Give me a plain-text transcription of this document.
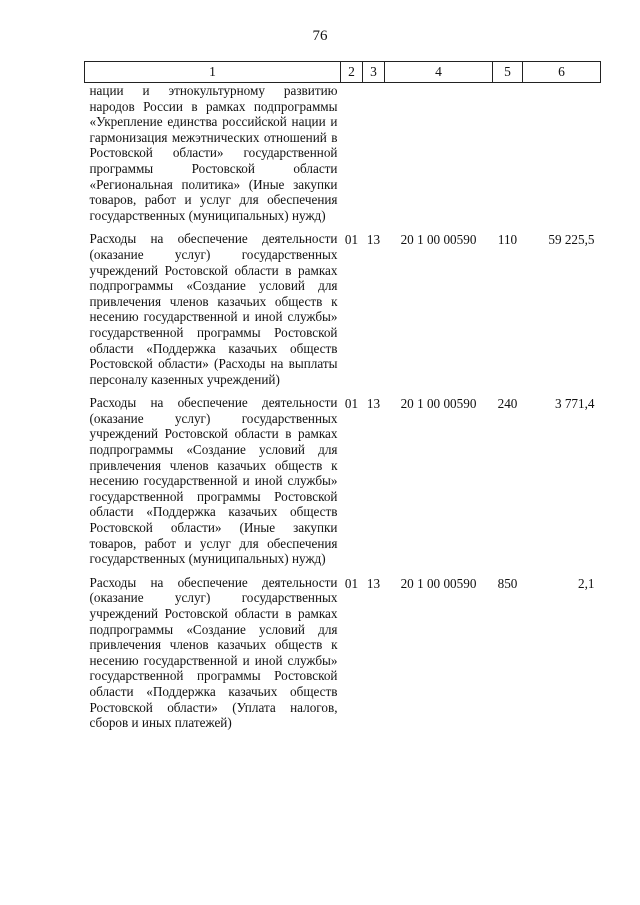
76
1	2	3	4	5	6
нации и этнокультурному развитию народов России в рамках подпрограммы «Укрепление единства российской нации и гармонизация межэтнических отношений в Ростовской области» государственной программы Ростовской области «Региональная политика» (Иные закупки товаров, работ и услуг для обеспечения государственных (муниципальных) нужд)					
Расходы на обеспечение деятельности (оказание услуг) государственных учреждений Ростовской области в рамках подпрограммы «Создание условий для привлечения членов казачьих обществ к несению государственной и иной службы» государственной программы Ростовской области «Поддержка казачьих обществ Ростовской области» (Расходы на выплаты персоналу казенных учреждений)	01	13	20 1 00 00590	110	59 225,5
Расходы на обеспечение деятельности (оказание услуг) государственных учреждений Ростовской области в рамках подпрограммы «Создание условий для привлечения членов казачьих обществ к несению государственной и иной службы» государственной программы Ростовской области «Поддержка казачьих обществ Ростовской области» (Иные закупки товаров, работ и услуг для обеспечения государственных (муниципальных) нужд)	01	13	20 1 00 00590	240	3 771,4
Расходы на обеспечение деятельности (оказание услуг) государственных учреждений Ростовской области в рамках подпрограммы «Создание условий для привлечения членов казачьих обществ к несению государственной и иной службы» государственной программы Ростовской области «Поддержка казачьих обществ Ростовской области» (Уплата налогов, сборов и иных платежей)	01	13	20 1 00 00590	850	2,1
